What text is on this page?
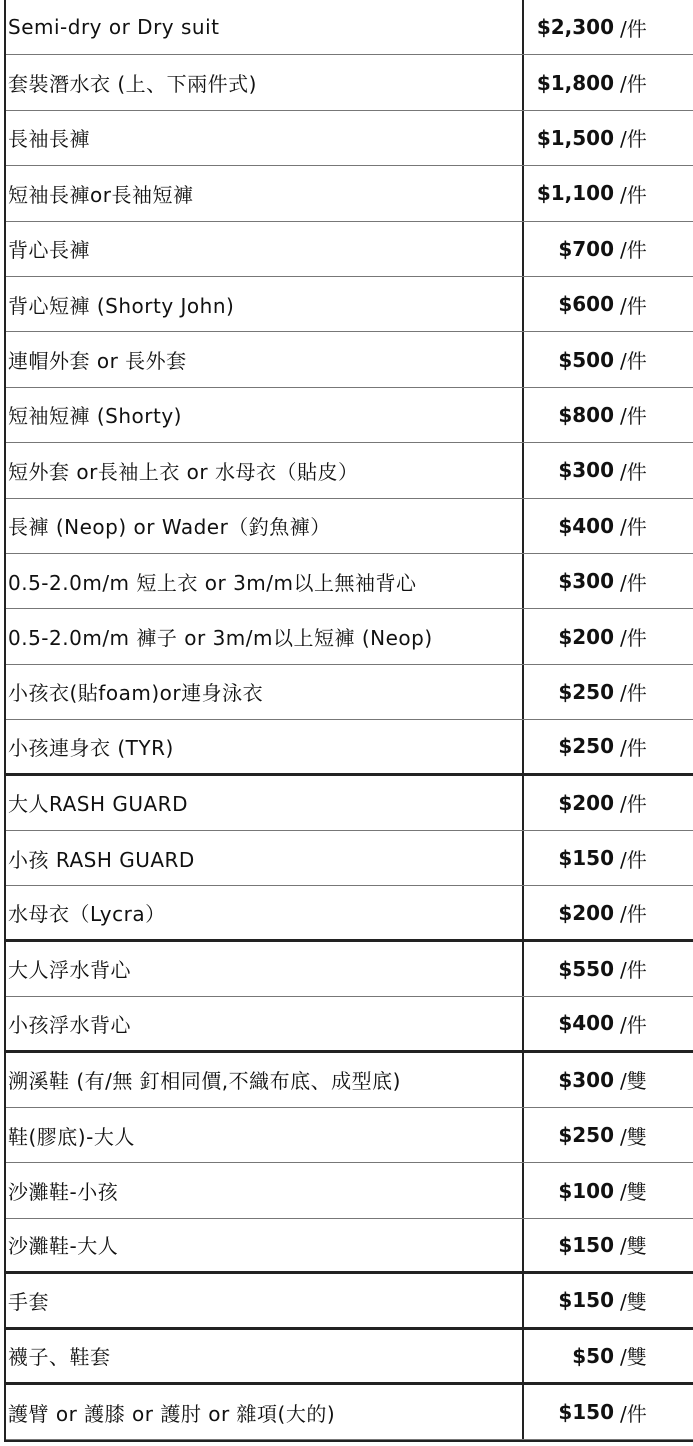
Semi-dry or Dry suit	$2,300 /件
套裝潛水衣 (上、下兩件式)	$1,800 /件
長袖長褲	$1,500 /件
短袖長褲or長袖短褲	$1,100 /件
背心長褲	$700 /件
背心短褲 (Shorty John)	$600 /件
連帽外套 or 長外套	$500 /件
短袖短褲 (Shorty)	$800 /件
短外套 or長袖上衣 or 水母衣（貼皮）	$300 /件
長褲 (Neop) or Wader（釣魚褲）	$400 /件
0.5-2.0m/m 短上衣 or 3m/m以上無袖背心	$300 /件
0.5-2.0m/m 褲子 or 3m/m以上短褲 (Neop)	$200 /件
小孩衣(貼foam)or連身泳衣	$250 /件
小孩連身衣 (TYR)	$250 /件
大人RASH GUARD	$200 /件
小孩 RASH GUARD	$150 /件
水母衣（Lycra）	$200 /件
大人浮水背心	$550 /件
小孩浮水背心	$400 /件
溯溪鞋 (有/無 釘相同價,不織布底、成型底)	$300 /雙
鞋(膠底)-大人	$250 /雙
沙灘鞋-小孩	$100 /雙
沙灘鞋-大人	$150 /雙
手套	$150 /雙
襪子、鞋套	$50 /雙
護臂 or 護膝 or 護肘 or 雜項(大的)	$150 /件
